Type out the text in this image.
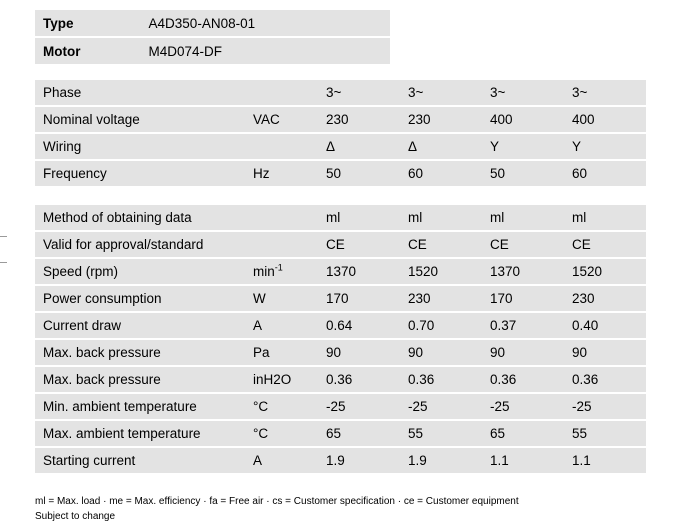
Type	A4D350-AN08-01
Motor	M4D074-DF
Phase		3~	3~	3~	3~
Nominal voltage	VAC	230	230	400	400
Wiring		Δ	Δ	Y	Y
Frequency	Hz	50	60	50	60
Method of obtaining data		ml	ml	ml	ml
Valid for approval/standard		CE	CE	CE	CE
Speed (rpm)	$\min^{-1}$	1370	1520	1370	1520
Power consumption	W	170	230	170	230
Current draw	A	0.64	0.70	0.37	0.40
Max. back pressure	Pa	90	90	90	90
Max. back pressure	inH2O	0.36	0.36	0.36	0.36
Min. ambient temperature	°C	-25	-25	-25	-25
Max. ambient temperature	°C	65	55	65	55
Starting current	A	1.9	1.9	1.1	1.1
ml = Max. load · me = Max. efficiency · fa = Free air · cs = Customer specification · ce = Customer equipment
Subject to change
